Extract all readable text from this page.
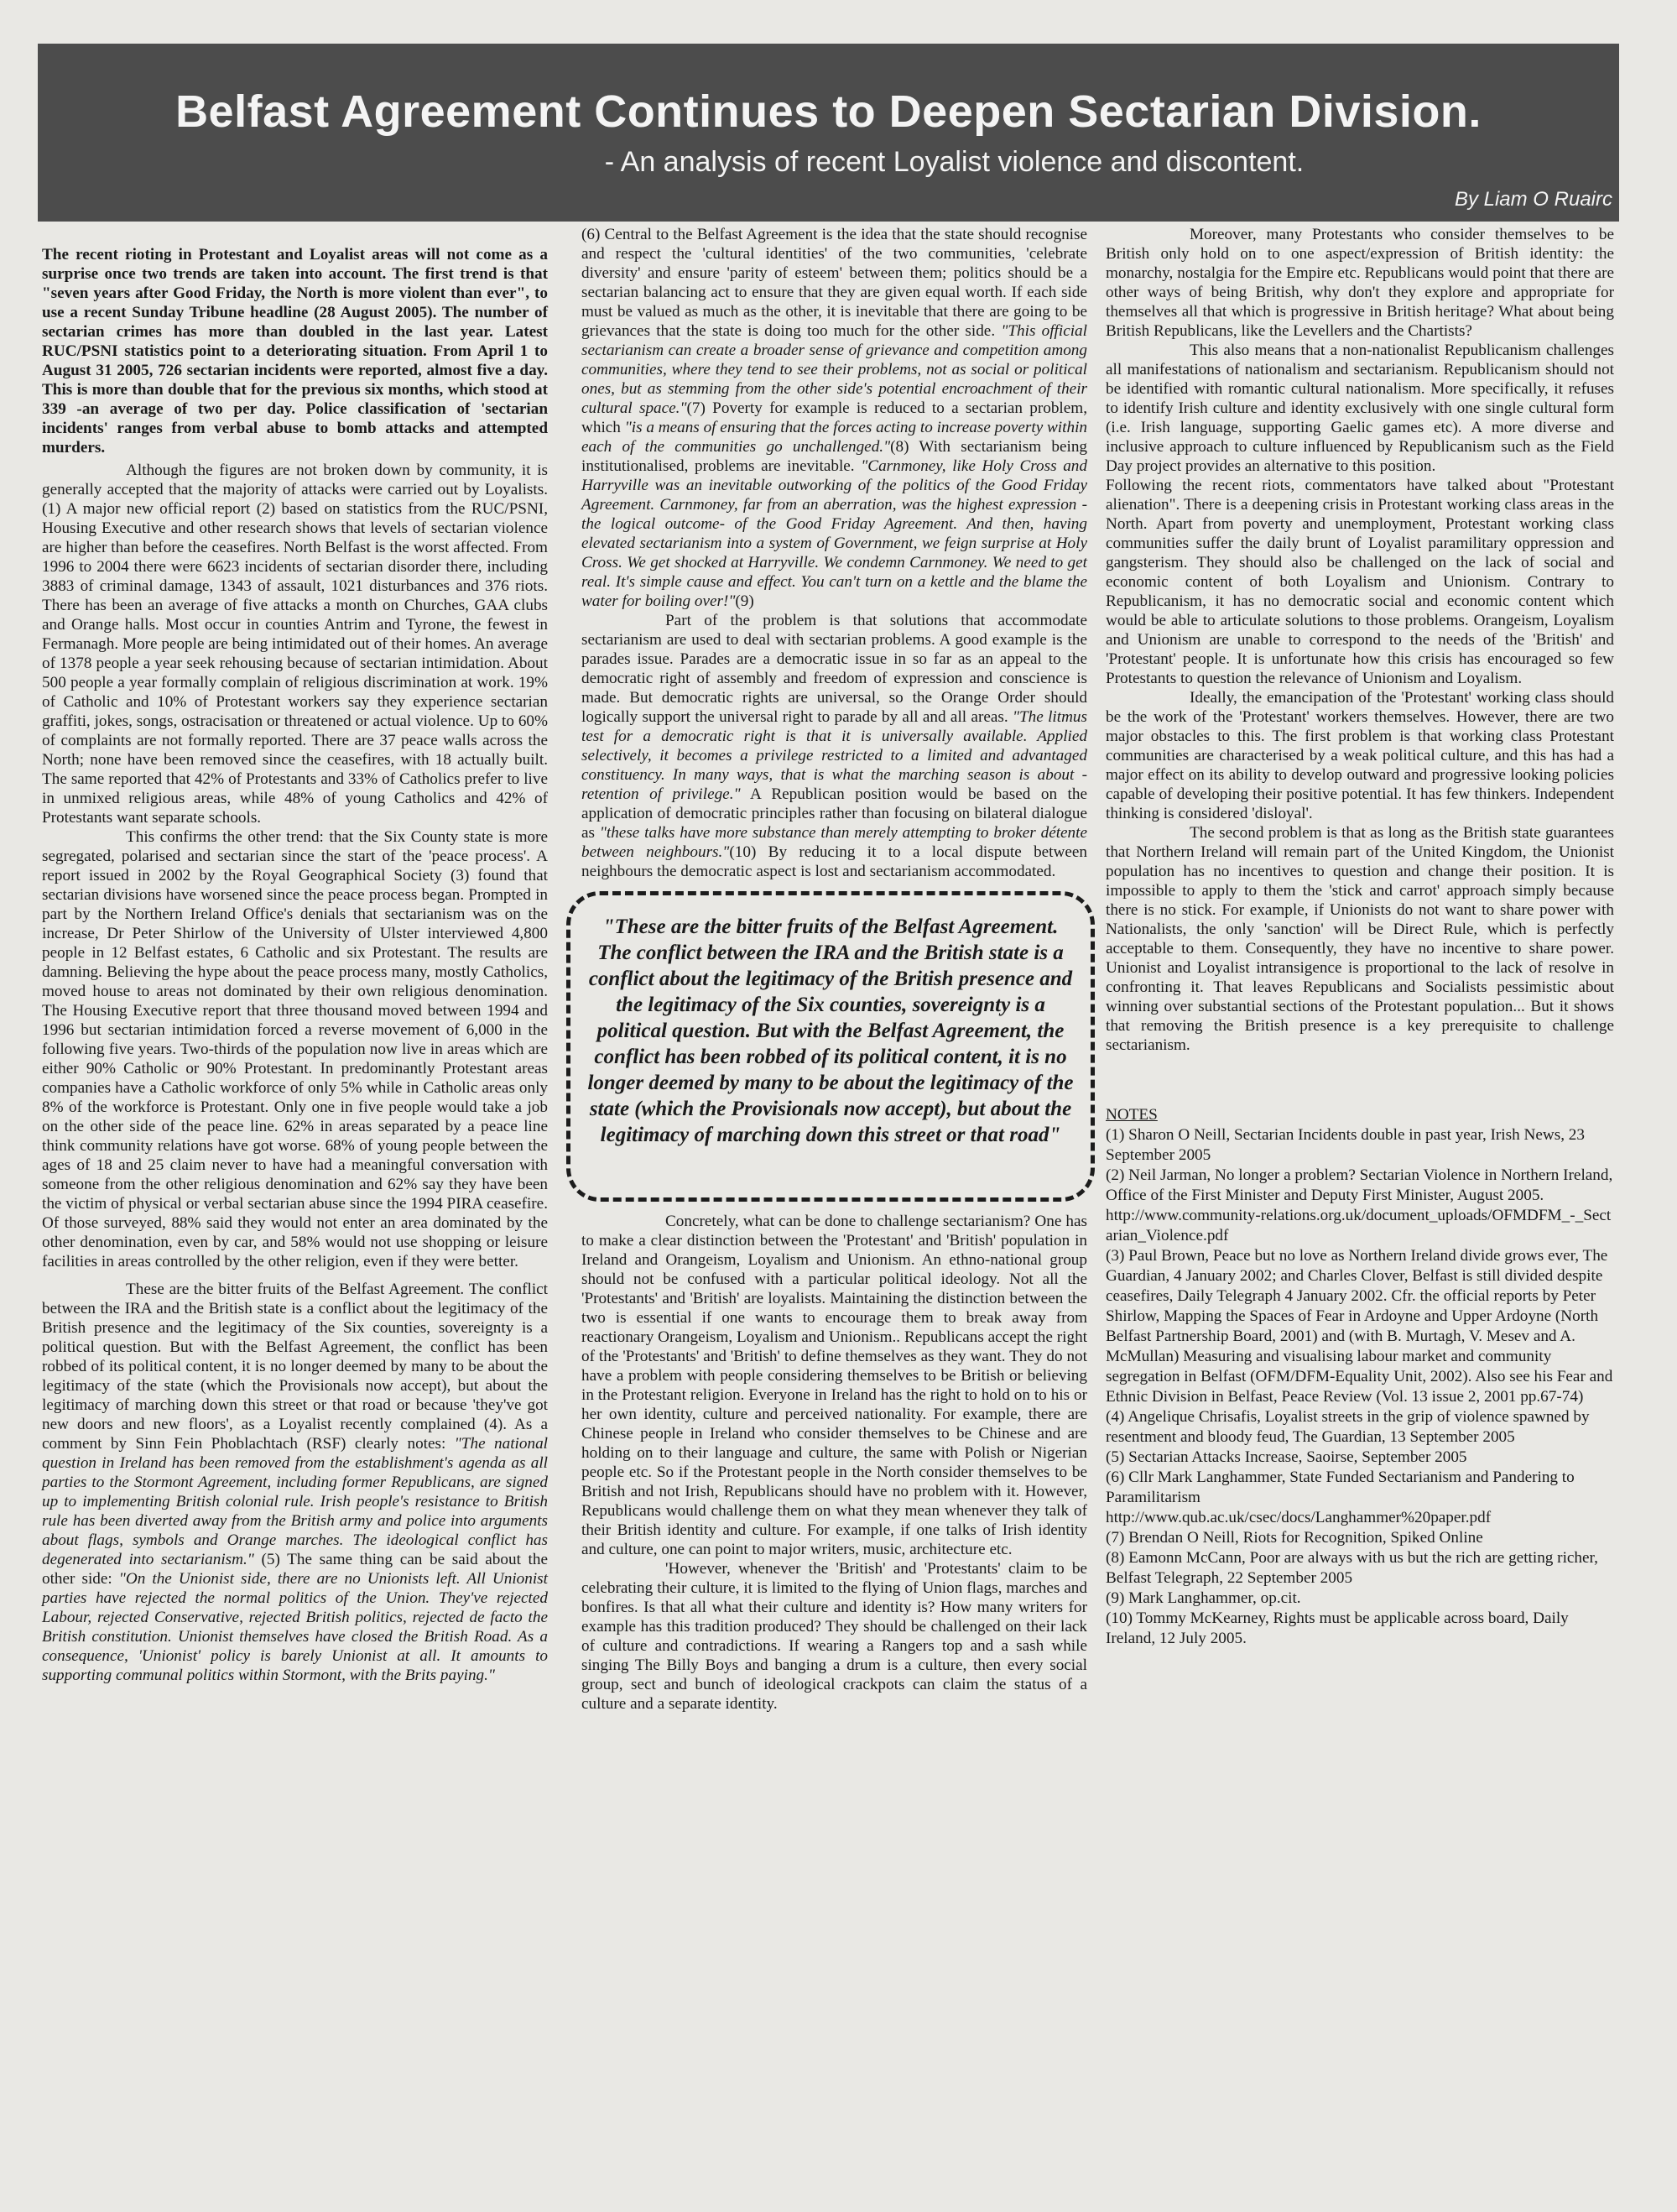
Belfast Agreement Continues to Deepen Sectarian Division.

- An analysis of recent Loyalist violence and discontent.

By Liam O Ruairc

The recent rioting in Protestant and Loyalist areas will not come as a surprise once two trends are taken into account. The first trend is that "seven years after Good Friday, the North is more violent than ever", to use a recent Sunday Tribune headline (28 August 2005). The number of sectarian crimes has more than doubled in the last year. Latest RUC/PSNI statistics point to a deteriorating situation. From April 1 to August 31 2005, 726 sectarian incidents were reported, almost five a day. This is more than double that for the previous six months, which stood at 339 -an average of two per day. Police classification of 'sectarian incidents' ranges from verbal abuse to bomb attacks and attempted murders.

Although the figures are not broken down by community, it is generally accepted that the majority of attacks were carried out by Loyalists. (1) A major new official report (2) based on statistics from the RUC/PSNI, Housing Executive and other research shows that levels of sectarian violence are higher than before the ceasefires. North Belfast is the worst affected. From 1996 to 2004 there were 6623 incidents of sectarian disorder there, including 3883 of criminal damage, 1343 of assault, 1021 disturbances and 376 riots. There has been an average of five attacks a month on Churches, GAA clubs and Orange halls. Most occur in counties Antrim and Tyrone, the fewest in Fermanagh. More people are being intimidated out of their homes. An average of 1378 people a year seek rehousing because of sectarian intimidation. About 500 people a year formally complain of religious discrimination at work. 19% of Catholic and 10% of Protestant workers say they experience sectarian graffiti, jokes, songs, ostracisation or threatened or actual violence. Up to 60% of complaints are not formally reported. There are 37 peace walls across the North; none have been removed since the ceasefires, with 18 actually built. The same reported that 42% of Protestants and 33% of Catholics prefer to live in unmixed religious areas, while 48% of young Catholics and 42% of Protestants want separate schools.

This confirms the other trend: that the Six County state is more segregated, polarised and sectarian since the start of the 'peace process'. A report issued in 2002 by the Royal Geographical Society (3) found that sectarian divisions have worsened since the peace process began. Prompted in part by the Northern Ireland Office's denials that sectarianism was on the increase, Dr Peter Shirlow of the University of Ulster interviewed 4,800 people in 12 Belfast estates, 6 Catholic and six Protestant. The results are damning. Believing the hype about the peace process many, mostly Catholics, moved house to areas not dominated by their own religious denomination. The Housing Executive report that three thousand moved between 1994 and 1996 but sectarian intimidation forced a reverse movement of 6,000 in the following five years. Two-thirds of the population now live in areas which are either 90% Catholic or 90% Protestant. In predominantly Protestant areas companies have a Catholic workforce of only 5% while in Catholic areas only 8% of the workforce is Protestant. Only one in five people would take a job on the other side of the peace line. 62% in areas separated by a peace line think community relations have got worse. 68% of young people between the ages of 18 and 25 claim never to have had a meaningful conversation with someone from the other religious denomination and 62% say they have been the victim of physical or verbal sectarian abuse since the 1994 PIRA ceasefire. Of those surveyed, 88% said they would not enter an area dominated by the other denomination, even by car, and 58% would not use shopping or leisure facilities in areas controlled by the other religion, even if they were better.

These are the bitter fruits of the Belfast Agreement. The conflict between the IRA and the British state is a conflict about the legitimacy of the British presence and the legitimacy of the Six counties, sovereignty is a political question. But with the Belfast Agreement, the conflict has been robbed of its political content, it is no longer deemed by many to be about the legitimacy of the state (which the Provisionals now accept), but about the legitimacy of marching down this street or that road or because 'they've got new doors and new floors', as a Loyalist recently complained (4). As a comment by Sinn Fein Phoblachtach (RSF) clearly notes: "The national question in Ireland has been removed from the establishment's agenda as all parties to the Stormont Agreement, including former Republicans, are signed up to implementing British colonial rule. Irish people's resistance to British rule has been diverted away from the British army and police into arguments about flags, symbols and Orange marches. The ideological conflict has degenerated into sectarianism." (5) The same thing can be said about the other side: "On the Unionist side, there are no Unionists left. All Unionist parties have rejected the normal politics of the Union. They've rejected Labour, rejected Conservative, rejected British politics, rejected de facto the British constitution. Unionist themselves have closed the British Road. As a consequence, 'Unionist' policy is barely Unionist at all. It amounts to supporting communal politics within Stormont, with the Brits paying."

(6) Central to the Belfast Agreement is the idea that the state should recognise and respect the 'cultural identities' of the two communities, 'celebrate diversity' and ensure 'parity of esteem' between them; politics should be a sectarian balancing act to ensure that they are given equal worth. If each side must be valued as much as the other, it is inevitable that there are going to be grievances that the state is doing too much for the other side. "This official sectarianism can create a broader sense of grievance and competition among communities, where they tend to see their problems, not as social or political ones, but as stemming from the other side's potential encroachment of their cultural space."(7) Poverty for example is reduced to a sectarian problem, which "is a means of ensuring that the forces acting to increase poverty within each of the communities go unchallenged."(8) With sectarianism being institutionalised, problems are inevitable. "Carnmoney, like Holy Cross and Harryville was an inevitable outworking of the politics of the Good Friday Agreement. Carnmoney, far from an aberration, was the highest expression -the logical outcome- of the Good Friday Agreement. And then, having elevated sectarianism into a system of Government, we feign surprise at Holy Cross. We get shocked at Harryville. We condemn Carnmoney. We need to get real. It's simple cause and effect. You can't turn on a kettle and the blame the water for boiling over!"(9)

Part of the problem is that solutions that accommodate sectarianism are used to deal with sectarian problems. A good example is the parades issue. Parades are a democratic issue in so far as an appeal to the democratic right of assembly and freedom of expression and conscience is made. But democratic rights are universal, so the Orange Order should logically support the universal right to parade by all and all areas. "The litmus test for a democratic right is that it is universally available. Applied selectively, it becomes a privilege restricted to a limited and advantaged constituency. In many ways, that is what the marching season is about - retention of privilege." A Republican position would be based on the application of democratic principles rather than focusing on bilateral dialogue as "these talks have more substance than merely attempting to broker détente between neighbours."(10) By reducing it to a local dispute between neighbours the democratic aspect is lost and sectarianism accommodated.

"These are the bitter fruits of the Belfast Agreement. The conflict between the IRA and the British state is a conflict about the legitimacy of the British presence and the legitimacy of the Six counties, sovereignty is a political question. But with the Belfast Agreement, the conflict has been robbed of its political content, it is no longer deemed by many to be about the legitimacy of the state (which the Provisionals now accept), but about the legitimacy of marching down this street or that road"

Concretely, what can be done to challenge sectarianism? One has to make a clear distinction between the 'Protestant' and 'British' population in Ireland and Orangeism, Loyalism and Unionism. An ethno-national group should not be confused with a particular political ideology. Not all the 'Protestants' and 'British' are loyalists. Maintaining the distinction between the two is essential if one wants to encourage them to break away from reactionary Orangeism, Loyalism and Unionism.. Republicans accept the right of the 'Protestants' and 'British' to define themselves as they want. They do not have a problem with people considering themselves to be British or believing in the Protestant religion. Everyone in Ireland has the right to hold on to his or her own identity, culture and perceived nationality. For example, there are Chinese people in Ireland who consider themselves to be Chinese and are holding on to their language and culture, the same with Polish or Nigerian people etc. So if the Protestant people in the North consider themselves to be British and not Irish, Republicans should have no problem with it. However, Republicans would challenge them on what they mean whenever they talk of their British identity and culture. For example, if one talks of Irish identity and culture, one can point to major writers, music, architecture etc.

'However, whenever the 'British' and 'Protestants' claim to be celebrating their culture, it is limited to the flying of Union flags, marches and bonfires. Is that all what their culture and identity is? How many writers for example has this tradition produced? They should be challenged on their lack of culture and contradictions. If wearing a Rangers top and a sash while singing The Billy Boys and banging a drum is a culture, then every social group, sect and bunch of ideological crackpots can claim the status of a culture and a separate identity.

Moreover, many Protestants who consider themselves to be British only hold on to one aspect/expression of British identity: the monarchy, nostalgia for the Empire etc. Republicans would point that there are other ways of being British, why don't they explore and appropriate for themselves all that which is progressive in British heritage? What about being British Republicans, like the Levellers and the Chartists?

This also means that a non-nationalist Republicanism challenges all manifestations of nationalism and sectarianism. Republicanism should not be identified with romantic cultural nationalism. More specifically, it refuses to identify Irish culture and identity exclusively with one single cultural form (i.e. Irish language, supporting Gaelic games etc). A more diverse and inclusive approach to culture influenced by Republicanism such as the Field Day project provides an alternative to this position.

Following the recent riots, commentators have talked about "Protestant alienation". There is a deepening crisis in Protestant working class areas in the North. Apart from poverty and unemployment, Protestant working class communities suffer the daily brunt of Loyalist paramilitary oppression and gangsterism. They should also be challenged on the lack of social and economic content of both Loyalism and Unionism. Contrary to Republicanism, it has no democratic social and economic content which would be able to articulate solutions to those problems. Orangeism, Loyalism and Unionism are unable to correspond to the needs of the 'British' and 'Protestant' people. It is unfortunate how this crisis has encouraged so few Protestants to question the relevance of Unionism and Loyalism.

Ideally, the emancipation of the 'Protestant' working class should be the work of the 'Protestant' workers themselves. However, there are two major obstacles to this. The first problem is that working class Protestant communities are characterised by a weak political culture, and this has had a major effect on its ability to develop outward and progressive looking policies capable of developing their positive potential. It has few thinkers. Independent thinking is considered 'disloyal'.

The second problem is that as long as the British state guarantees that Northern Ireland will remain part of the United Kingdom, the Unionist population has no incentives to question and change their position. It is impossible to apply to them the 'stick and carrot' approach simply because there is no stick. For example, if Unionists do not want to share power with Nationalists, the only 'sanction' will be Direct Rule, which is perfectly acceptable to them. Consequently, they have no incentive to share power. Unionist and Loyalist intransigence is proportional to the lack of resolve in confronting it. That leaves Republicans and Socialists pessimistic about winning over substantial sections of the Protestant population... But it shows that removing the British presence is a key prerequisite to challenge sectarianism.

NOTES

(1) Sharon O Neill, Sectarian Incidents double in past year, Irish News, 23 September 2005

(2) Neil Jarman, No longer a problem? Sectarian Violence in Northern Ireland, Office of the First Minister and Deputy First Minister, August 2005.

http://www.community-relations.org.uk/document_uploads/OFMDFM_-_Sectarian_Violence.pdf

(3) Paul Brown, Peace but no love as Northern Ireland divide grows ever, The Guardian, 4 January 2002; and Charles Clover, Belfast is still divided despite ceasefires, Daily Telegraph 4 January 2002. Cfr. the official reports by Peter Shirlow, Mapping the Spaces of Fear in Ardoyne and Upper Ardoyne (North Belfast Partnership Board, 2001) and (with B. Murtagh, V. Mesev and A. McMullan) Measuring and visualising labour market and community segregation in Belfast (OFM/DFM-Equality Unit, 2002). Also see his Fear and Ethnic Division in Belfast, Peace Review (Vol. 13 issue 2, 2001 pp.67-74)

(4) Angelique Chrisafis, Loyalist streets in the grip of violence spawned by resentment and bloody feud, The Guardian, 13 September 2005

(5) Sectarian Attacks Increase, Saoirse, September 2005

(6) Cllr Mark Langhammer, State Funded Sectarianism and Pandering to Paramilitarism

http://www.qub.ac.uk/csec/docs/Langhammer%20paper.pdf

(7) Brendan O Neill, Riots for Recognition, Spiked Online

(8) Eamonn McCann, Poor are always with us but the rich are getting richer, Belfast Telegraph, 22 September 2005

(9) Mark Langhammer, op.cit.

(10) Tommy McKearney, Rights must be applicable across board, Daily Ireland, 12 July 2005.
